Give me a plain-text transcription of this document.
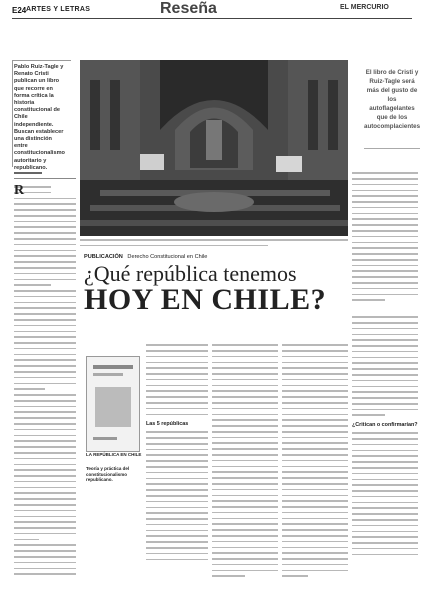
E24 ARTES Y LETRAS	Reseña	EL MERCURIO
Pablo Ruiz-Tagle y Renato Cristi publican un libro que recorre en forma crítica la historia constitucional de Chile independiente. Buscan establecer una distinción entre constitucionalismo autoritario y republicano.
R
PUBLICACIÓN Derecho Constitucional en Chile
¿Qué república tenemos
HOY EN CHILE?
El libro de Cristi y Ruiz-Tagle será más del gusto de los autoflagelantes que de los autocomplacientes
LA REPÚBLICA EN CHILE
Teoría y práctica del constitucionalismo republicano.
Las 5 repúblicas	¿Critican o confirmarían?
